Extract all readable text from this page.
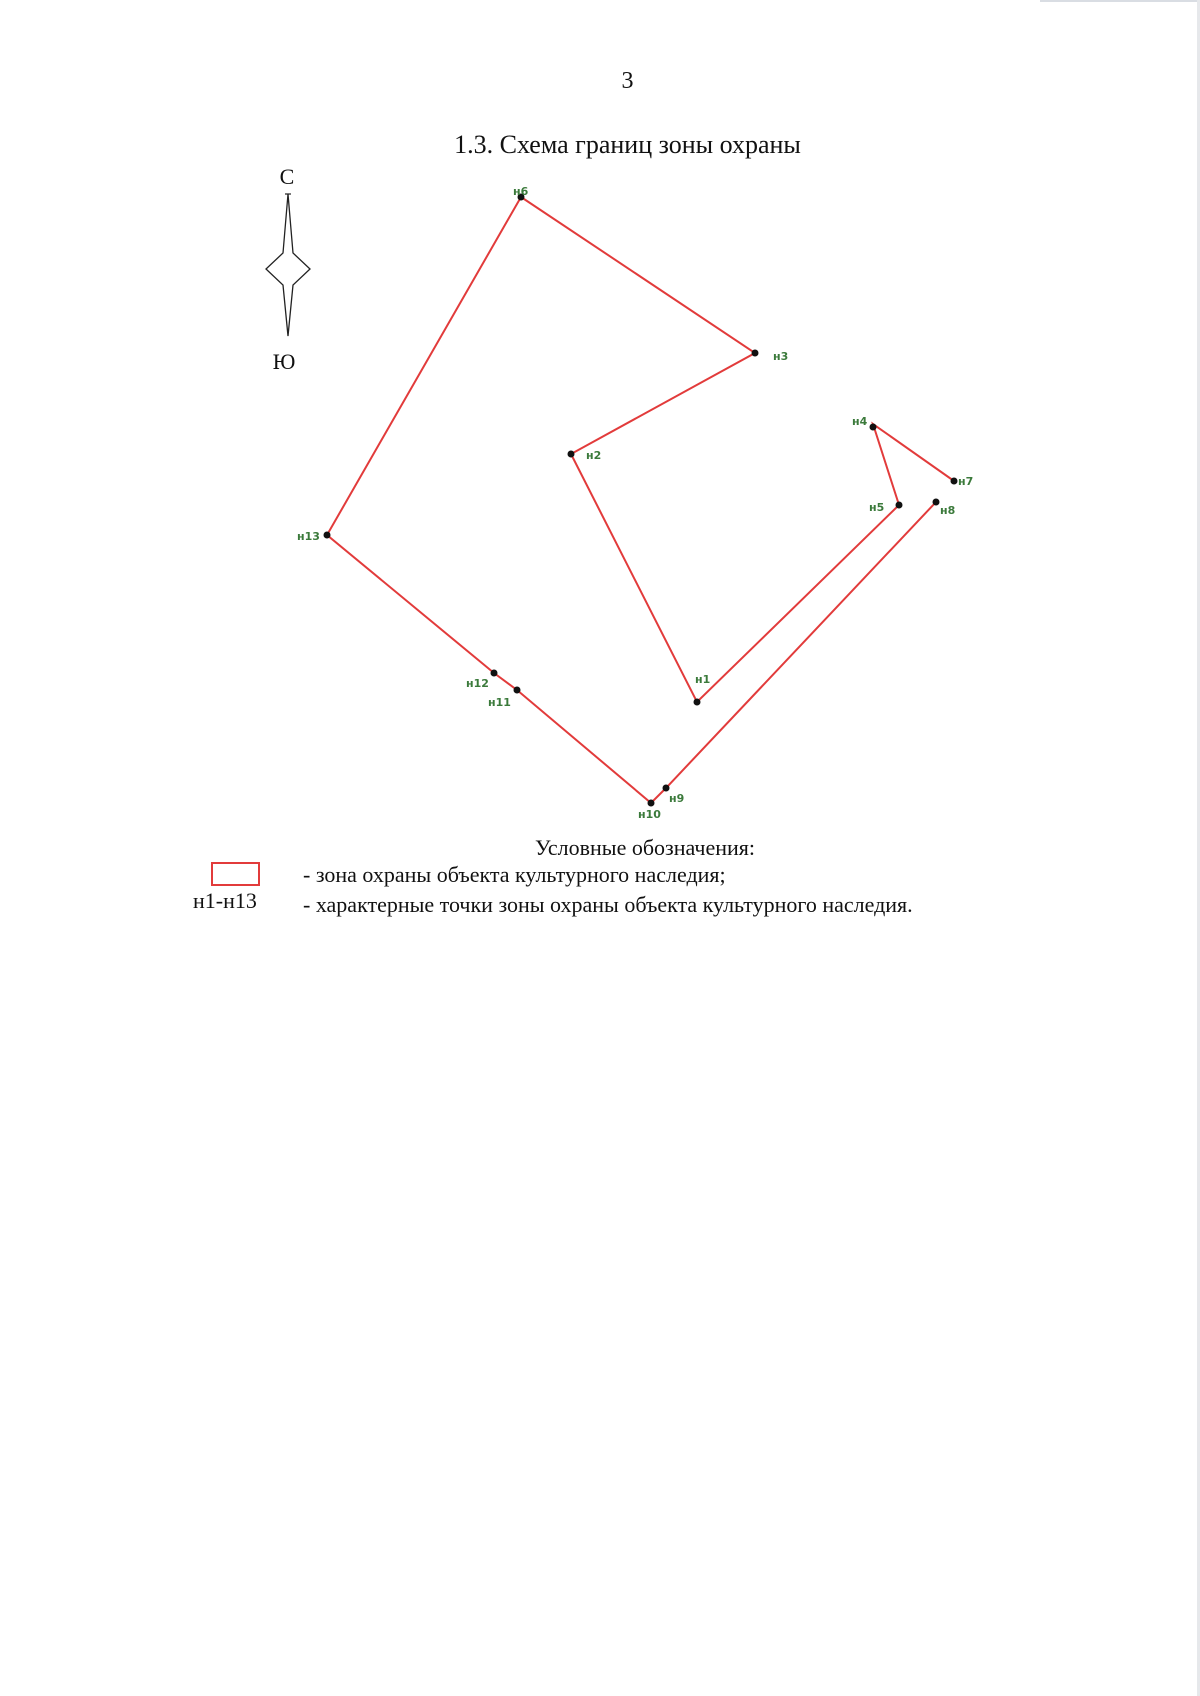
3
1.3. Схема границ зоны охраны
С
Ю
н1
н2
н3
н4
н5
н6
н7
н8
н9
н10
н11
н12
н13
Условные обозначения:
- зона охраны объекта культурного наследия;
н1-н13 - характерные точки зоны охраны объекта культурного наследия.
